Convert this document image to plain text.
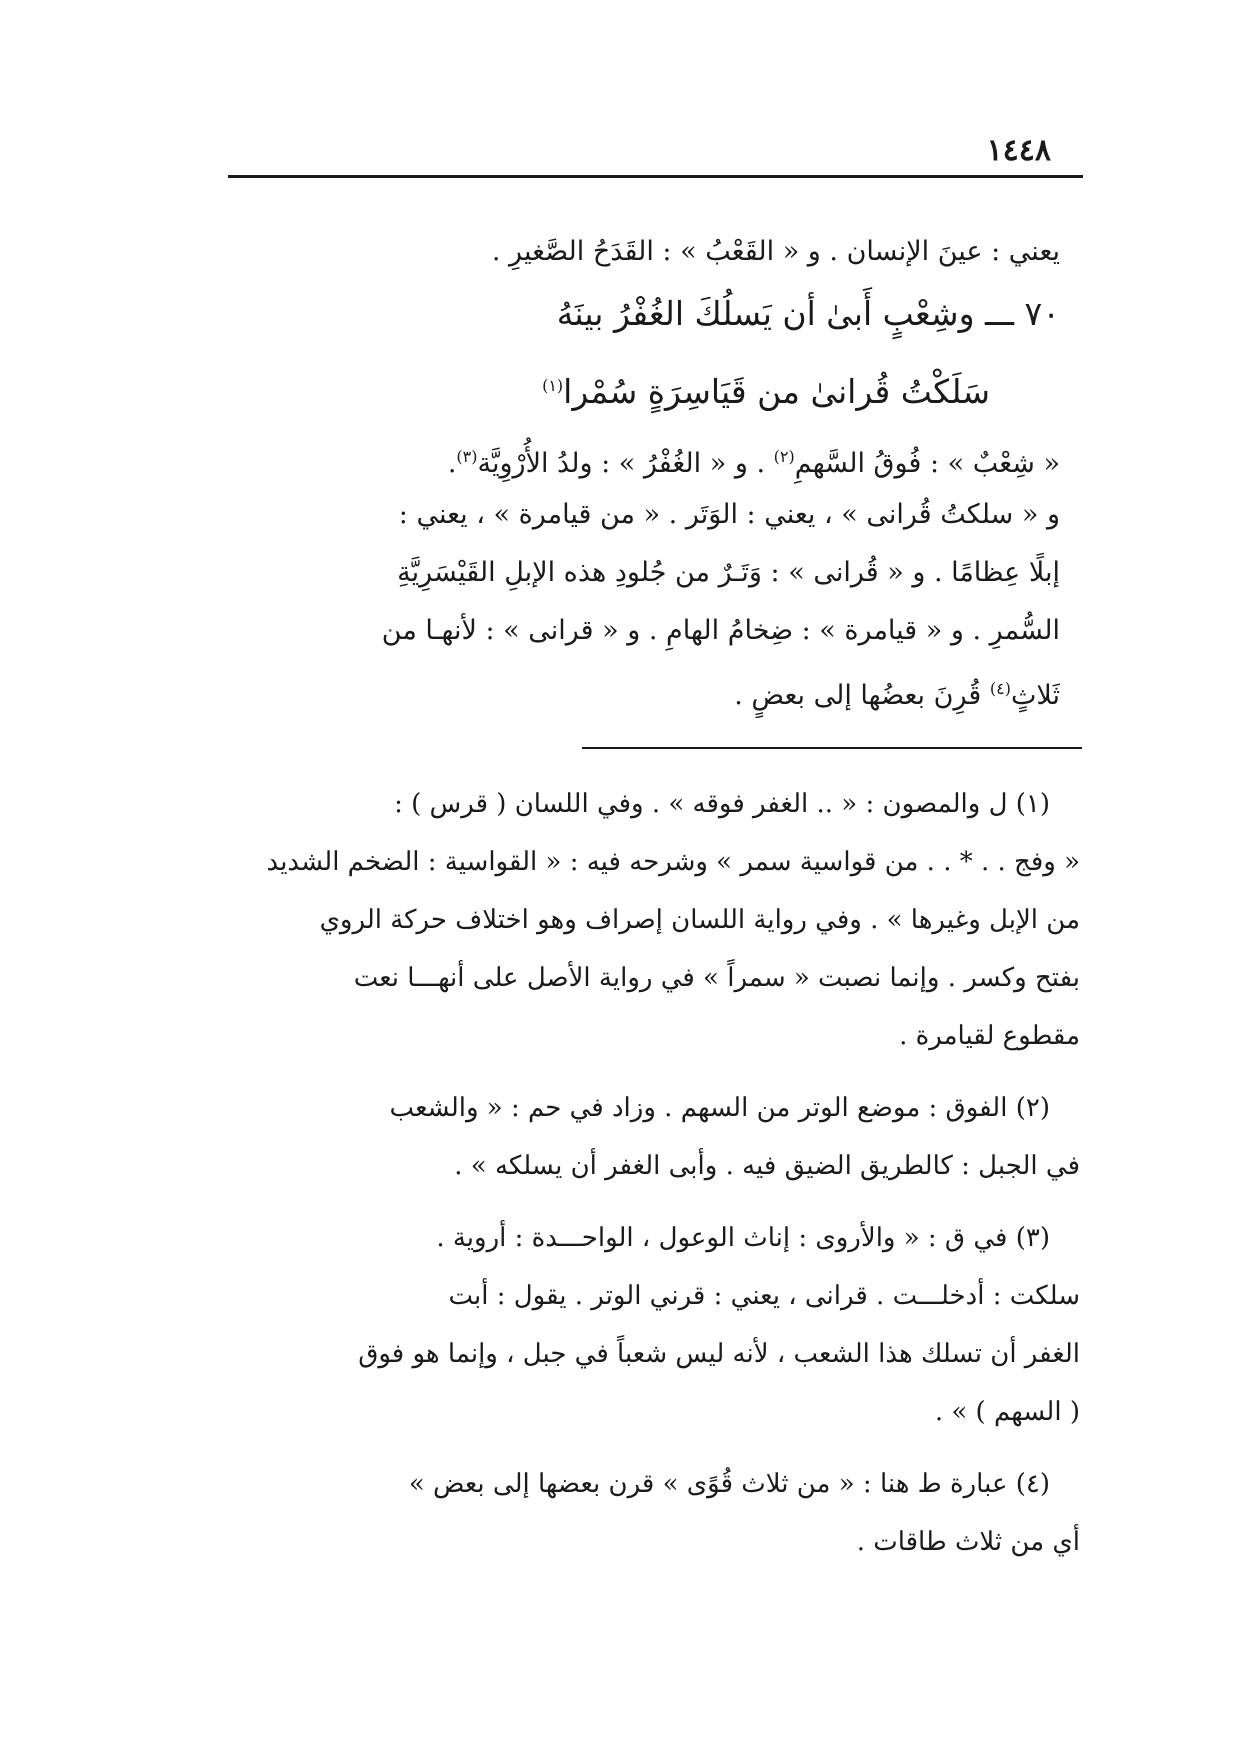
١٤٤٨
يعني : عينَ الإنسان . و « القَعْبُ » : القَدَحُ الصَّغيرِ .
٧٠ ـــ وشِعْبٍ أَبىٰ أن يَسلُكَ الغُفْرُ بينَهُ
سَلَكْتُ قُرانىٰ من قَيَاسِرَةٍ سُمْرا$^{(١)}$
« شِعْبٌ » : فُوقُ السَّهمِ$^{(٢)}$ . و « الغُفْرُ » : ولدُ الأُرْوِيَّة$^{(٣)}$.
و « سلكتُ قُرانى » ، يعني : الوَتَر . « من قيامرة » ، يعني :
إبلًا عِظامًا . و « قُرانى » : وَتَـرٌ من جُلودِ هذه الإبلِ القَيْسَرِيَّةِ
السُّمرِ . و « قيامرة » : ضِخامُ الهامِ . و « قرانى » : لأنهـا من
ثَلاثٍ$^{(٤)}$ قُرِنَ بعضُها إلى بعضٍ .
(١) ل والمصون : « .. الغفر فوقه » . وفي اللسان ( قرس ) :
« وفج . . * . . من قواسية سمر » وشرحه فيه : « القواسية : الضخم الشديد
من الإبل وغيرها » . وفي رواية اللسان إصراف وهو اختلاف حركة الروي
بفتح وكسر . وإنما نصبت « سمراً » في رواية الأصل على أنهـــا نعت
مقطوع لقيامرة .
(٢) الفوق : موضع الوتر من السهم . وزاد في حم : « والشعب
في الجبل : كالطريق الضيق فيه . وأبى الغفر أن يسلكه » .
(٣) في ق : « والأروى : إناث الوعول ، الواحـــدة : أروية .
سلكت : أدخلـــت . قرانى ، يعني : قرني الوتر . يقول : أبت
الغفر أن تسلك هذا الشعب ، لأنه ليس شعباً في جبل ، وإنما هو فوق
( السهم ) » .
(٤) عبارة ط هنا : « من ثلاث قُوًى » قرن بعضها إلى بعض »
أي من ثلاث طاقات .
